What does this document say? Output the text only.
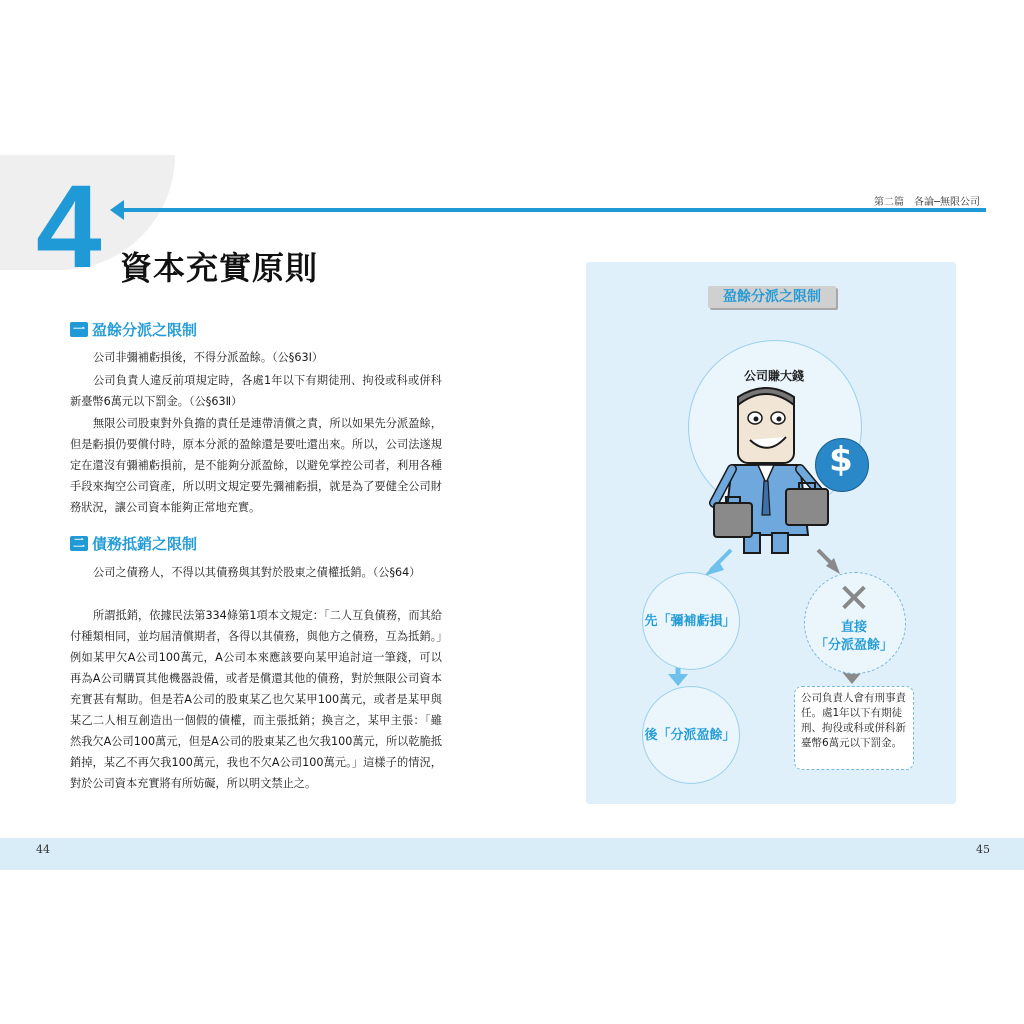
4	第二篇　各論─無限公司
資本充實原則
一 盈餘分派之限制

公司非彌補虧損後，不得分派盈餘。（公§63Ⅰ）

公司負責人違反前項規定時，各處1年以下有期徒刑、拘役或科或併科新臺幣6萬元以下罰金。（公§63Ⅱ）

無限公司股東對外負擔的責任是連帶清償之責，所以如果先分派盈餘，但是虧損仍要償付時，原本分派的盈餘還是要吐還出來。所以，公司法遂規定在還沒有彌補虧損前，是不能夠分派盈餘，以避免掌控公司者，利用各種手段來掏空公司資產，所以明文規定要先彌補虧損，就是為了要健全公司財務狀況，讓公司資本能夠正常地充實。

二 債務抵銷之限制

公司之債務人，不得以其債務與其對於股東之債權抵銷。（公§64）

所謂抵銷，依據民法第334條第1項本文規定：「二人互負債務，而其給付種類相同，並均屆清償期者，各得以其債務，與他方之債務，互為抵銷。」例如某甲欠A公司100萬元，A公司本來應該要向某甲追討這一筆錢，可以再為A公司購買其他機器設備，或者是償還其他的債務，對於無限公司資本充實甚有幫助。但是若A公司的股東某乙也欠某甲100萬元，或者是某甲與某乙二人相互創造出一個假的債權，而主張抵銷；換言之，某甲主張：「雖然我欠A公司100萬元，但是A公司的股東某乙也欠我100萬元，所以乾脆抵銷掉，某乙不再欠我100萬元，我也不欠A公司100萬元。」這樣子的情況，對於公司資本充實將有所妨礙，所以明文禁止之。

盈餘分派之限制
公司賺大錢
$
先「彌補虧損」
後「分派盈餘」
✕
直接
「分派盈餘」
公司負責人會有刑事責任。處1年以下有期徒刑、拘役或科或併科新臺幣6萬元以下罰金。
44	45
